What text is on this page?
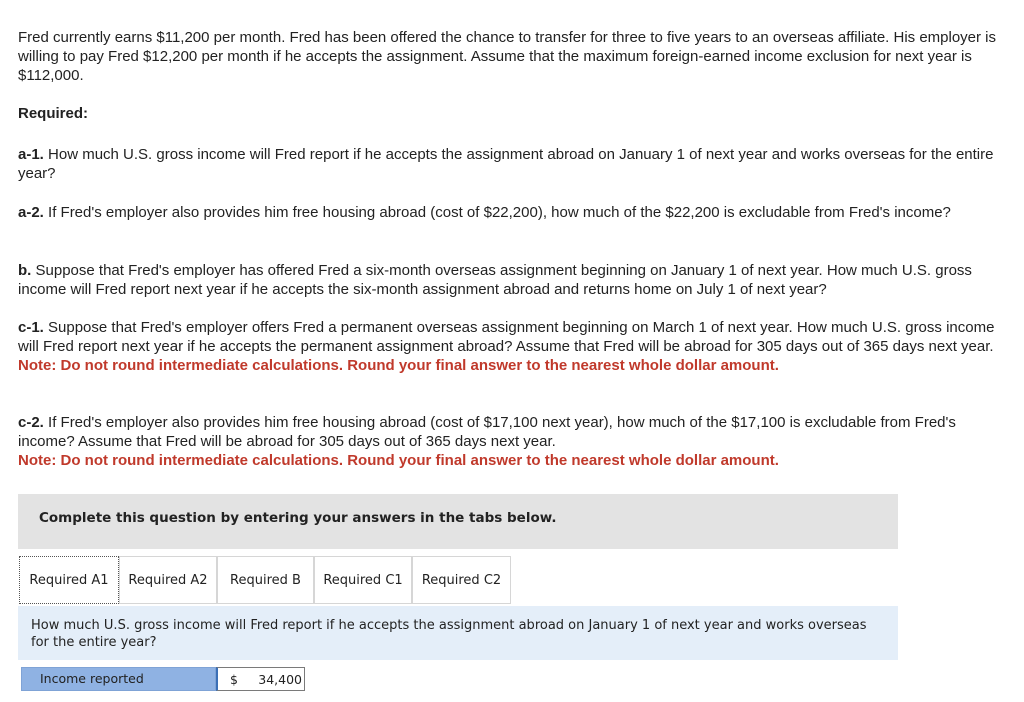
Fred currently earns $11,200 per month. Fred has been offered the chance to transfer for three to five years to an overseas affiliate. His employer is willing to pay Fred $12,200 per month if he accepts the assignment. Assume that the maximum foreign-earned income exclusion for next year is $112,000.

Required:

a-1. How much U.S. gross income will Fred report if he accepts the assignment abroad on January 1 of next year and works overseas for the entire year?

a-2. If Fred's employer also provides him free housing abroad (cost of $22,200), how much of the $22,200 is excludable from Fred's income?

b. Suppose that Fred's employer has offered Fred a six-month overseas assignment beginning on January 1 of next year. How much U.S. gross income will Fred report next year if he accepts the six-month assignment abroad and returns home on July 1 of next year?

c-1. Suppose that Fred's employer offers Fred a permanent overseas assignment beginning on March 1 of next year. How much U.S. gross income will Fred report next year if he accepts the permanent assignment abroad? Assume that Fred will be abroad for 305 days out of 365 days next year.

Note: Do not round intermediate calculations. Round your final answer to the nearest whole dollar amount.

c-2. If Fred's employer also provides him free housing abroad (cost of $17,100 next year), how much of the $17,100 is excludable from Fred's income? Assume that Fred will be abroad for 305 days out of 365 days next year.

Note: Do not round intermediate calculations. Round your final answer to the nearest whole dollar amount.

Complete this question by entering your answers in the tabs below.
Required A1	Required A2	Required B	Required C1	Required C2
How much U.S. gross income will Fred report if he accepts the assignment abroad on January 1 of next year and works overseas for the entire year?
Income reported	$
34,400
